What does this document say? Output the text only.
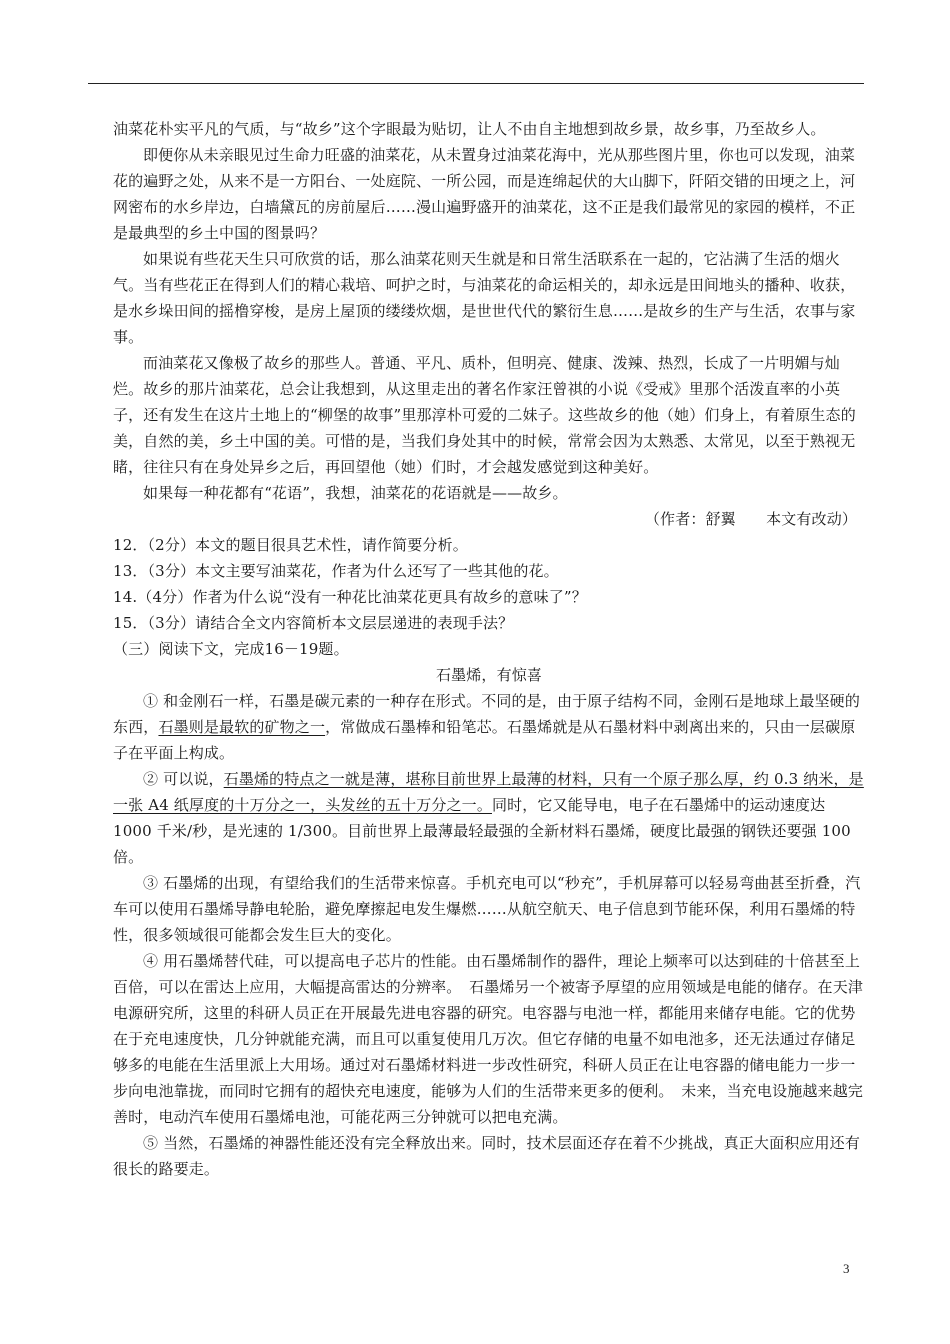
油菜花朴实平凡的气质，与“故乡”这个字眼最为贴切，让人不由自主地想到故乡景，故乡事，乃至故乡人。

即便你从未亲眼见过生命力旺盛的油菜花，从未置身过油菜花海中，光从那些图片里，你也可以发现，油菜花的遍野之处，从来不是一方阳台、一处庭院、一所公园，而是连绵起伏的大山脚下，阡陌交错的田埂之上，河网密布的水乡岸边，白墙黛瓦的房前屋后……漫山遍野盛开的油菜花，这不正是我们最常见的家园的模样，不正是最典型的乡土中国的图景吗？

如果说有些花天生只可欣赏的话，那么油菜花则天生就是和日常生活联系在一起的，它沾满了生活的烟火气。当有些花正在得到人们的精心栽培、呵护之时，与油菜花的命运相关的，却永远是田间地头的播种、收获，是水乡垛田间的摇橹穿梭，是房上屋顶的缕缕炊烟，是世世代代的繁衍生息……是故乡的生产与生活，农事与家事。

而油菜花又像极了故乡的那些人。普通、平凡、质朴，但明亮、健康、泼辣、热烈，长成了一片明媚与灿烂。故乡的那片油菜花，总会让我想到，从这里走出的著名作家汪曾祺的小说《受戒》里那个活泼直率的小英子，还有发生在这片土地上的“柳堡的故事”里那淳朴可爱的二妹子。这些故乡的他（她）们身上，有着原生态的美，自然的美，乡土中国的美。可惜的是，当我们身处其中的时候，常常会因为太熟悉、太常见，以至于熟视无睹，往往只有在身处异乡之后，再回望他（她）们时，才会越发感觉到这种美好。

如果每一种花都有“花语”，我想，油菜花的花语就是——故乡。

（作者：舒翼　　本文有改动）

12．（2分）本文的题目很具艺术性，请作简要分析。

13．（3分）本文主要写油菜花，作者为什么还写了一些其他的花。

14.（4分）作者为什么说“没有一种花比油菜花更具有故乡的意味了”？

15．（3分）请结合全文内容简析本文层层递进的表现手法？

（三）阅读下文，完成16－19题。

石墨烯，有惊喜

① 和金刚石一样，石墨是碳元素的一种存在形式。不同的是，由于原子结构不同，金刚石是地球上最坚硬的东西，石墨则是最软的矿物之一，常做成石墨棒和铅笔芯。石墨烯就是从石墨材料中剥离出来的，只由一层碳原子在平面上构成。

② 可以说，石墨烯的特点之一就是薄，堪称目前世界上最薄的材料，只有一个原子那么厚，约 0.3 纳米，是一张 A4 纸厚度的十万分之一，头发丝的五十万分之一。同时，它又能导电，电子在石墨烯中的运动速度达 1000 千米/秒，是光速的 1/300。目前世界上最薄最轻最强的全新材料石墨烯，硬度比最强的钢铁还要强 100 倍。

③ 石墨烯的出现，有望给我们的生活带来惊喜。手机充电可以“秒充”，手机屏幕可以轻易弯曲甚至折叠，汽车可以使用石墨烯导静电轮胎，避免摩擦起电发生爆燃……从航空航天、电子信息到节能环保，利用石墨烯的特性，很多领域很可能都会发生巨大的变化。

④ 用石墨烯替代硅，可以提高电子芯片的性能。由石墨烯制作的器件，理论上频率可以达到硅的十倍甚至上百倍，可以在雷达上应用，大幅提高雷达的分辨率。　石墨烯另一个被寄予厚望的应用领域是电能的储存。在天津电源研究所，这里的科研人员正在开展最先进电容器的研究。电容器与电池一样，都能用来储存电能。它的优势在于充电速度快，几分钟就能充满，而且可以重复使用几万次。但它存储的电量不如电池多，还无法通过存储足够多的电能在生活里派上大用场。通过对石墨烯材料进一步改性研究，科研人员正在让电容器的储电能力一步一步向电池靠拢，而同时它拥有的超快充电速度，能够为人们的生活带来更多的便利。　未来，当充电设施越来越完善时，电动汽车使用石墨烯电池，可能花两三分钟就可以把电充满。

⑤ 当然，石墨烯的神器性能还没有完全释放出来。同时，技术层面还存在着不少挑战，真正大面积应用还有很长的路要走。

3
